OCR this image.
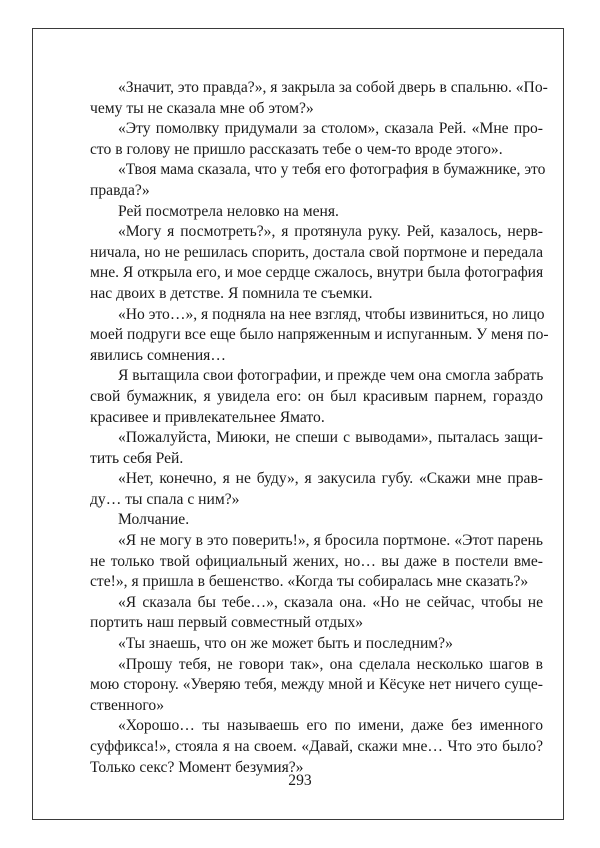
«Значит, это правда?», я закрыла за собой дверь в спальню. «По-
чему ты не сказала мне об этом?»
«Эту помолвку придумали за столом», сказала Рей. «Мне про-
сто в голову не пришло рассказать тебе о чем-то вроде этого».
«Твоя мама сказала, что у тебя его фотография в бумажнике, это
правда?»
Рей посмотрела неловко на меня.
«Могу я посмотреть?», я протянула руку. Рей, казалось, нерв-
ничала, но не решилась спорить, достала свой портмоне и передала
мне. Я открыла его, и мое сердце сжалось, внутри была фотография
нас двоих в детстве. Я помнила те съемки.
«Но это…», я подняла на нее взгляд, чтобы извиниться, но лицо
моей подруги все еще было напряженным и испуганным. У меня по-
явились сомнения…
Я вытащила свои фотографии, и прежде чем она смогла забрать
свой бумажник, я увидела его: он был красивым парнем, гораздо
красивее и привлекательнее Ямато.
«Пожалуйста, Миюки, не спеши с выводами», пыталась защи-
тить себя Рей.
«Нет, конечно, я не буду», я закусила губу. «Скажи мне прав-
ду… ты спала с ним?»
Молчание.
«Я не могу в это поверить!», я бросила портмоне. «Этот парень
не только твой официальный жених, но… вы даже в постели вме-
сте!», я пришла в бешенство. «Когда ты собиралась мне сказать?»
«Я сказала бы тебе…», сказала она. «Но не сейчас, чтобы не
портить наш первый совместный отдых»
«Ты знаешь, что он же может быть и последним?»
«Прошу тебя, не говори так», она сделала несколько шагов в
мою сторону. «Уверяю тебя, между мной и Кёсуке нет ничего суще-
ственного»
«Хорошо… ты называешь его по имени, даже без именного
суффикса!», стояла я на своем. «Давай, скажи мне… Что это было?
Только секс? Момент безумия?»
293
